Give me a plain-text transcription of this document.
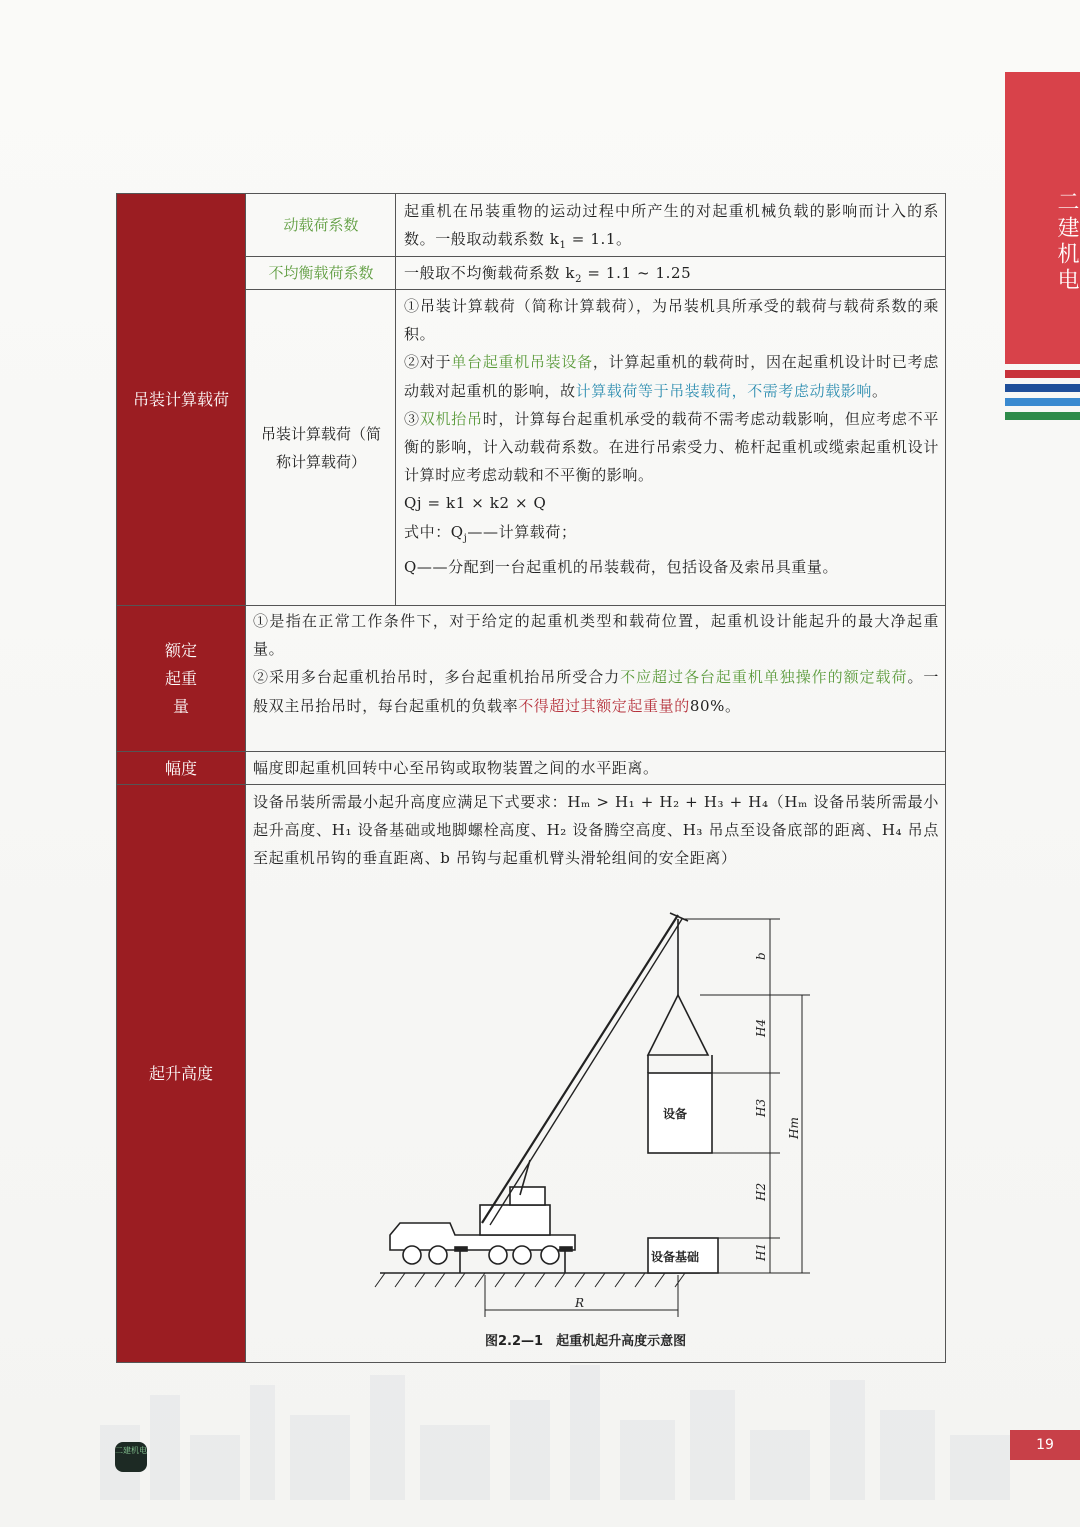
二建机电
吊装计算载荷
额定起重量
幅度
起升高度
动载荷系数
起重机在吊装重物的运动过程中所产生的对起重机械负载的影响而计入的系数。一般取动载系数 $k_1 = 1.1$。
不均衡载荷系数	一般取不均衡载荷系数 $k_2 = 1.1$ ~ 1.25
吊装计算载荷（简称计算载荷）
①吊装计算载荷（简称计算载荷），为吊装机具所承受的载荷与载荷系数的乘积。
②对于单台起重机吊装设备，计算起重机的载荷时，因在起重机设计时已考虑动载对起重机的影响，故计算载荷等于吊装载荷，不需考虑动载影响。
③双机抬吊时，计算每台起重机承受的载荷不需考虑动载影响，但应考虑不平衡的影响，计入动载荷系数。在进行吊索受力、桅杆起重机或缆索起重机设计计算时应考虑动载和不平衡的影响。
Qj = k1 × k2 × Q
式中：$Q_j——$计算载荷；
Q——分配到一台起重机的吊装载荷，包括设备及索吊具重量。
①是指在正常工作条件下，对于给定的起重机类型和载荷位置，起重机设计能起升的最大净起重量。
②采用多台起重机抬吊时，多台起重机抬吊所受合力不应超过各台起重机单独操作的额定载荷。一般双主吊抬吊时，每台起重机的负载率不得超过其额定起重量的80%。
幅度即起重机回转中心至吊钩或取物装置之间的水平距离。
设备吊装所需最小起升高度应满足下式要求：Hₘ > H₁ + H₂ + H₃ + H₄（Hₘ 设备吊装所需最小起升高度、H₁ 设备基础或地脚螺栓高度、H₂ 设备腾空高度、H₃ 吊点至设备底部的距离、H₄ 吊点至起重机吊钩的垂直距离、b 吊钩与起重机臂头滑轮组间的安全距离）
b
H4
H3
H2
H1
Hm
R
设备
设备基础
图2.2—1　起重机起升高度示意图
19
二建机电
